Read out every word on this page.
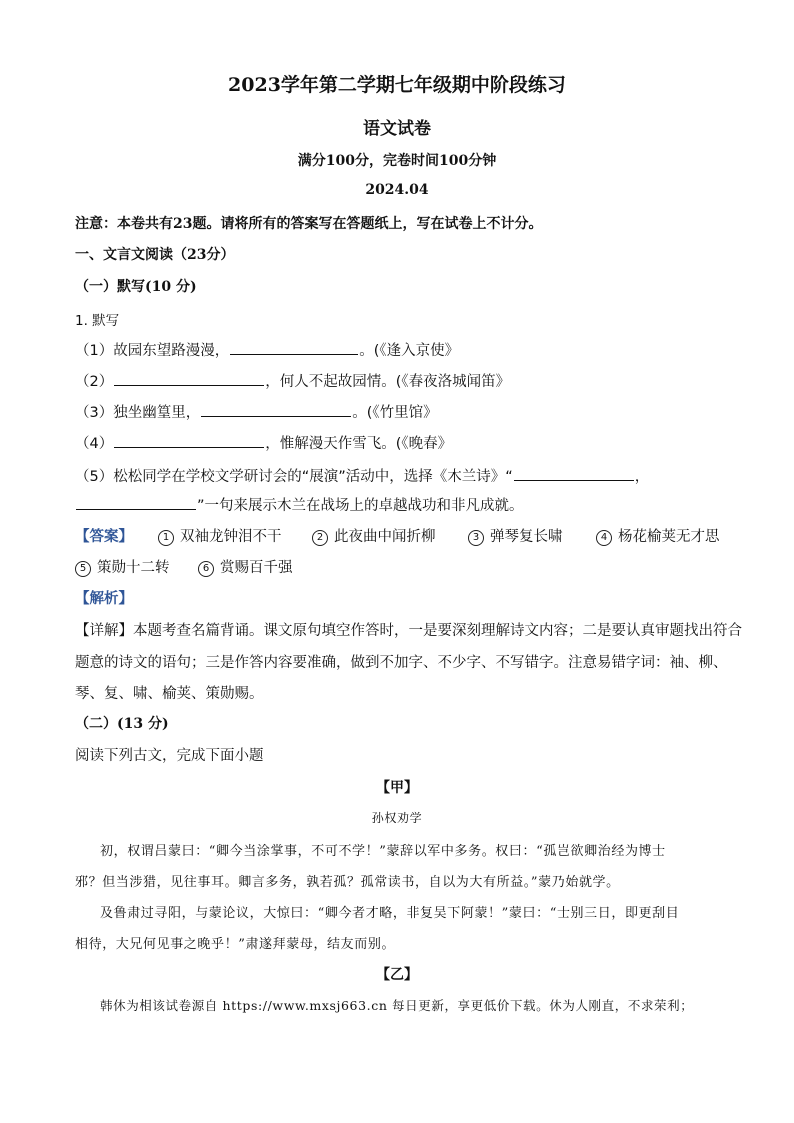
2023学年第二学期七年级期中阶段练习
语文试卷
满分100分，完卷时间100分钟
2024.04
注意：本卷共有23题。请将所有的答案写在答题纸上，写在试卷上不计分。
一、文言文阅读（23分）
（一）默写(10 分)
1. 默写
（1）故园东望路漫漫，	。(《逢入京使》
（2）	，何人不起故园情。(《春夜洛城闻笛》
（3）独坐幽篁里，	。(《竹里馆》
（4）	，惟解漫天作雪飞。(《晚春》
（5）松松同学在学校文学研讨会的“展演”活动中，选择《木兰诗》“	，
”一句来展示木兰在战场上的卓越战功和非凡成就。
【答案】	1 双袖龙钟泪不干	2 此夜曲中闻折柳	3 弹琴复长啸	4 杨花榆荚无才思
5 策勋十二转	6 赏赐百千强
【解析】
【详解】本题考查名篇背诵。课文原句填空作答时，一是要深刻理解诗文内容；二是要认真审题找出符合
题意的诗文的语句；三是作答内容要准确，做到不加字、不少字、不写错字。注意易错字词：袖、柳、
琴、复、啸、榆荚、策勋赐。
（二）(13 分)
阅读下列古文，完成下面小题
【甲】
孙权劝学
初，权谓吕蒙曰：“卿今当涂掌事，不可不学！”蒙辞以军中多务。权曰：“孤岂欲卿治经为博士
邪？但当涉猎，见往事耳。卿言多务，孰若孤？孤常读书，自以为大有所益。”蒙乃始就学。
及鲁肃过寻阳，与蒙论议，大惊曰：“卿今者才略，非复吴下阿蒙！”蒙曰：“士别三日，即更刮目
相待，大兄何见事之晚乎！”肃遂拜蒙母，结友而别。
【乙】
韩休为相该试卷源自 https://www.mxsj663.cn 每日更新，享更低价下载。休为人刚直，不求荣利；
